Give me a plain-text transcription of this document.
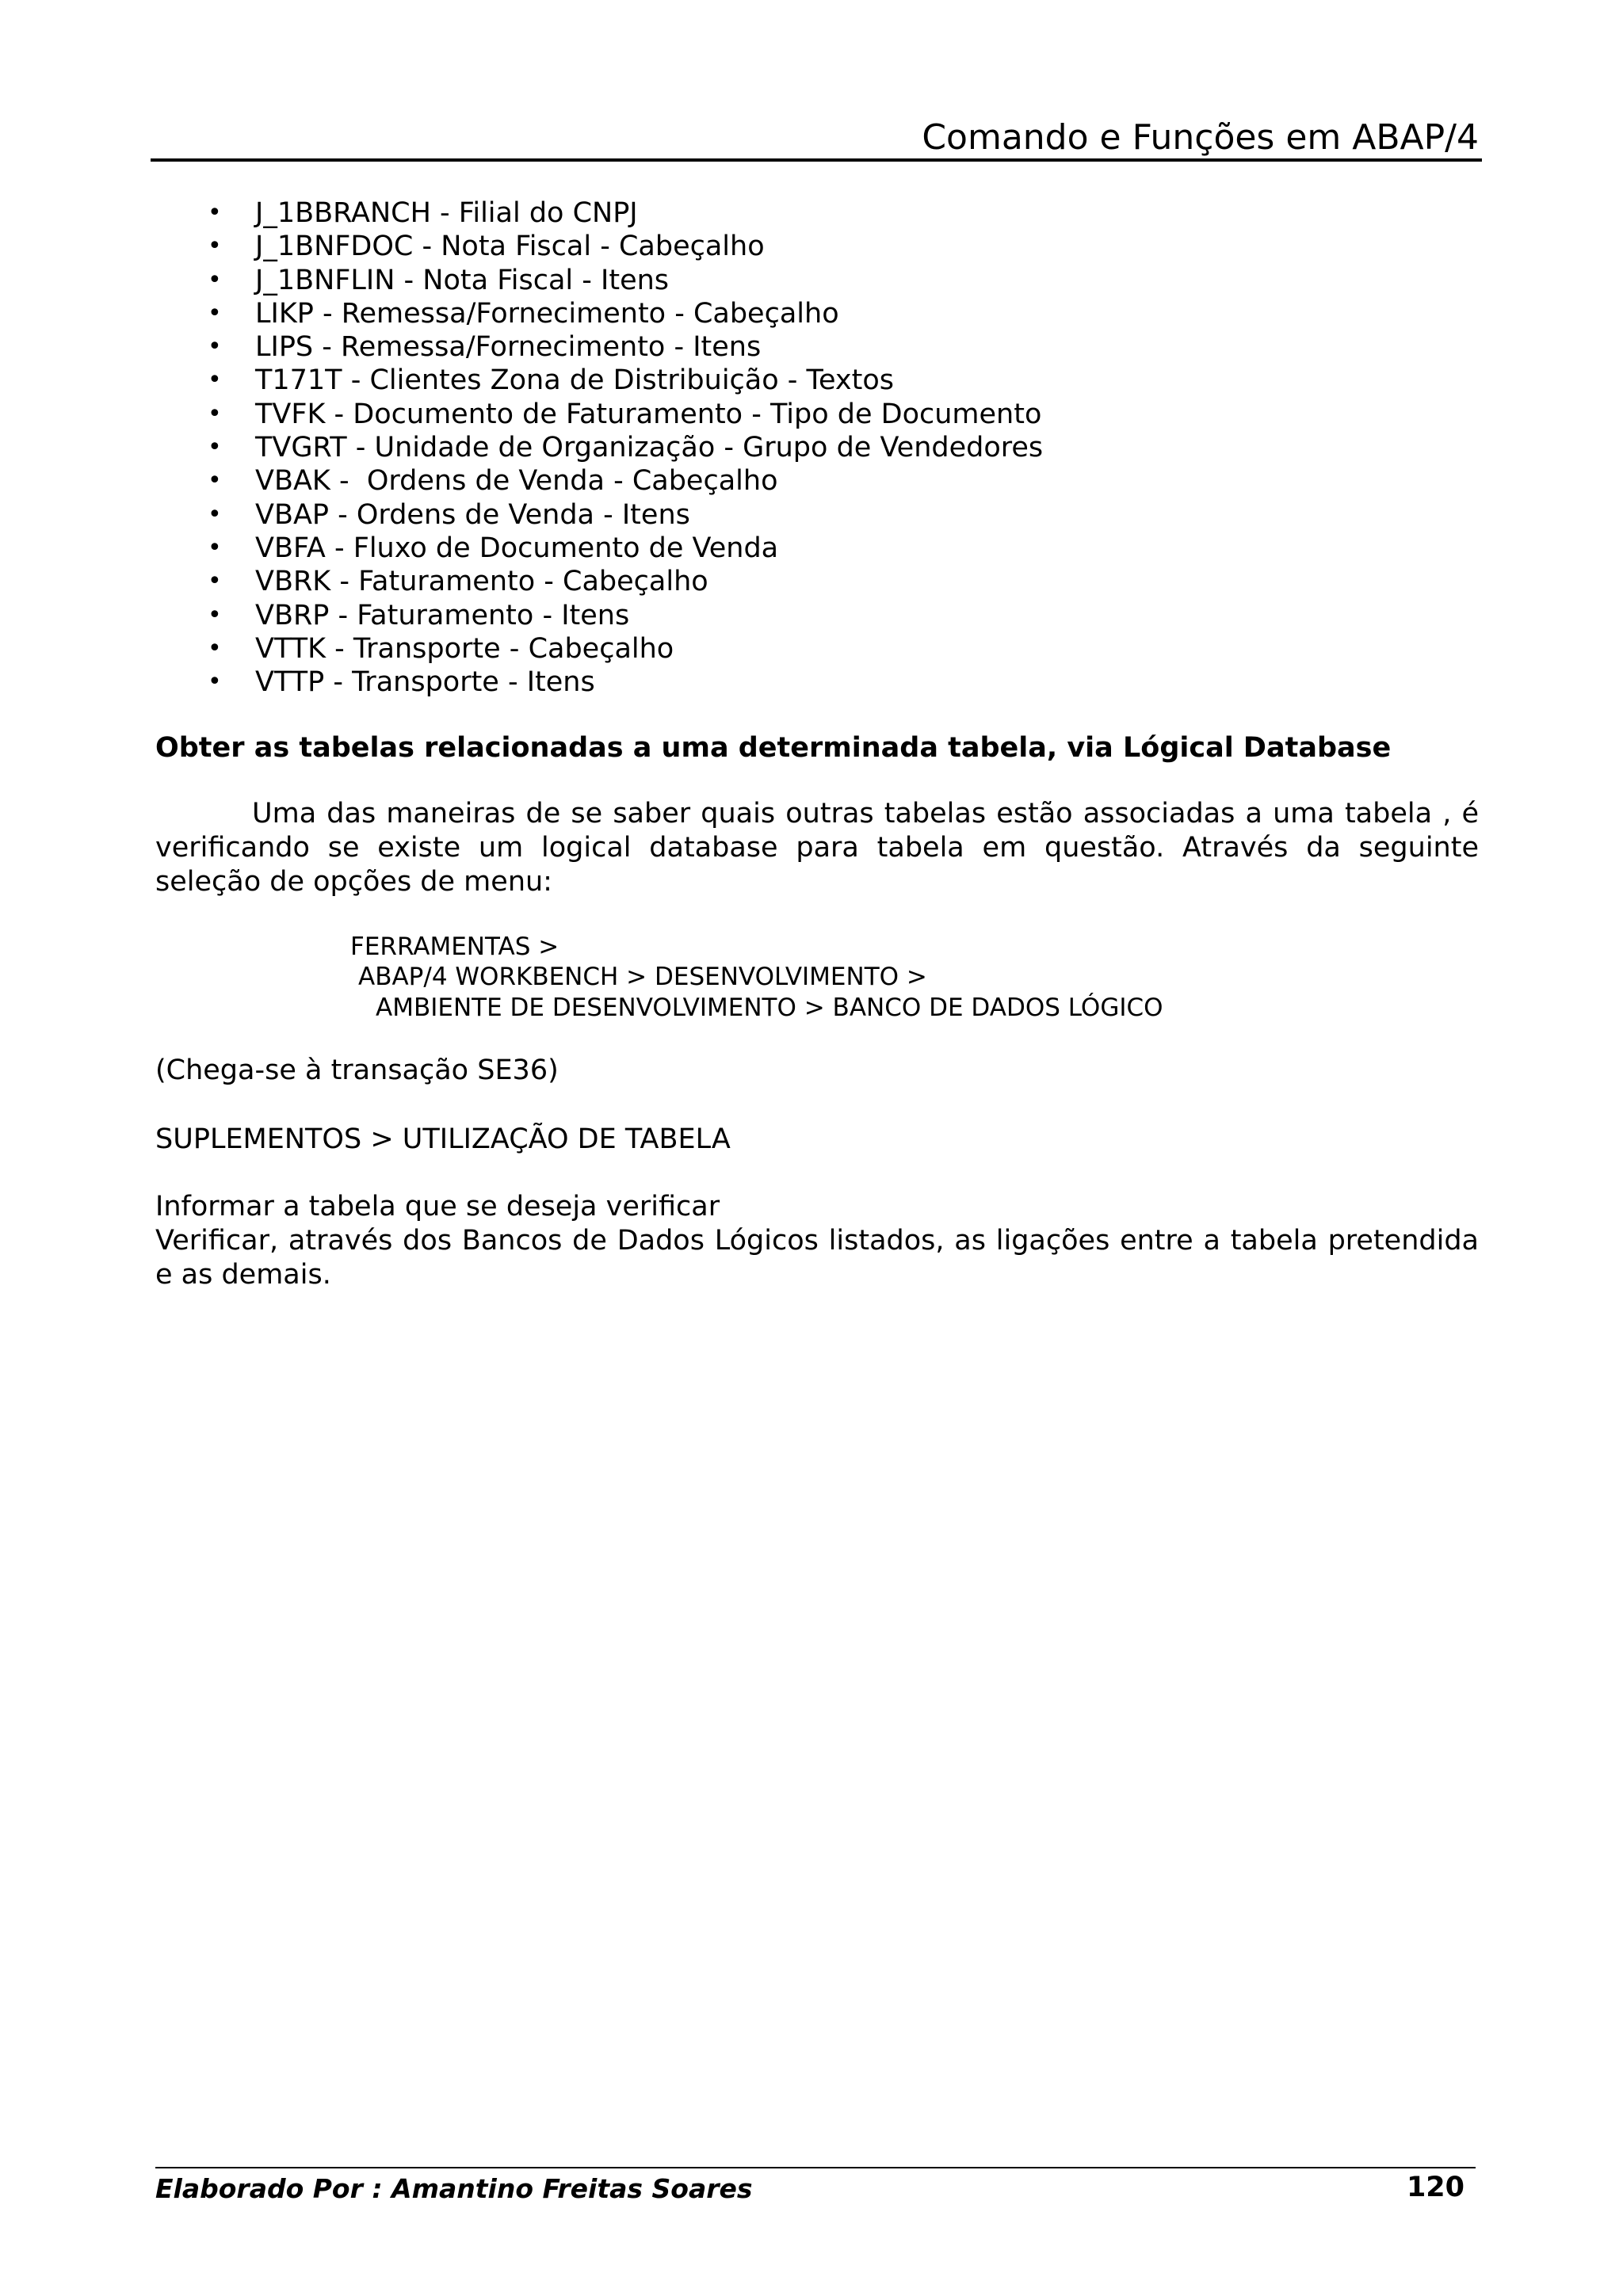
Comando e Funções em ABAP/4
• J_1BBRANCH - Filial do CNPJ
• J_1BNFDOC - Nota Fiscal - Cabeçalho
• J_1BNFLIN - Nota Fiscal - Itens
• LIKP - Remessa/Fornecimento - Cabeçalho
• LIPS - Remessa/Fornecimento - Itens
• T171T - Clientes Zona de Distribuição - Textos
• TVFK - Documento de Faturamento - Tipo de Documento
• TVGRT - Unidade de Organização - Grupo de Vendedores
• VBAK -  Ordens de Venda - Cabeçalho
• VBAP - Ordens de Venda - Itens
• VBFA - Fluxo de Documento de Venda
• VBRK - Faturamento - Cabeçalho
• VBRP - Faturamento - Itens
• VTTK - Transporte - Cabeçalho
• VTTP - Transporte - Itens
Obter as tabelas relacionadas a uma determinada tabela, via Lógical Database

Uma das maneiras de se saber quais outras tabelas estão associadas a uma tabela , é verificando se existe um logical database para tabela em questão. Através da seguinte seleção de opções de menu:

FERRAMENTAS >
ABAP/4 WORKBENCH > DESENVOLVIMENTO >
AMBIENTE DE DESENVOLVIMENTO > BANCO DE DADOS LÓGICO
(Chega-se à transação SE36)
SUPLEMENTOS > UTILIZAÇÃO DE TABELA
Informar a tabela que se deseja verificar

Verificar, através dos Bancos de Dados Lógicos listados, as ligações entre a tabela pretendida e as demais.

Elaborado Por : Amantino Freitas Soares	120
